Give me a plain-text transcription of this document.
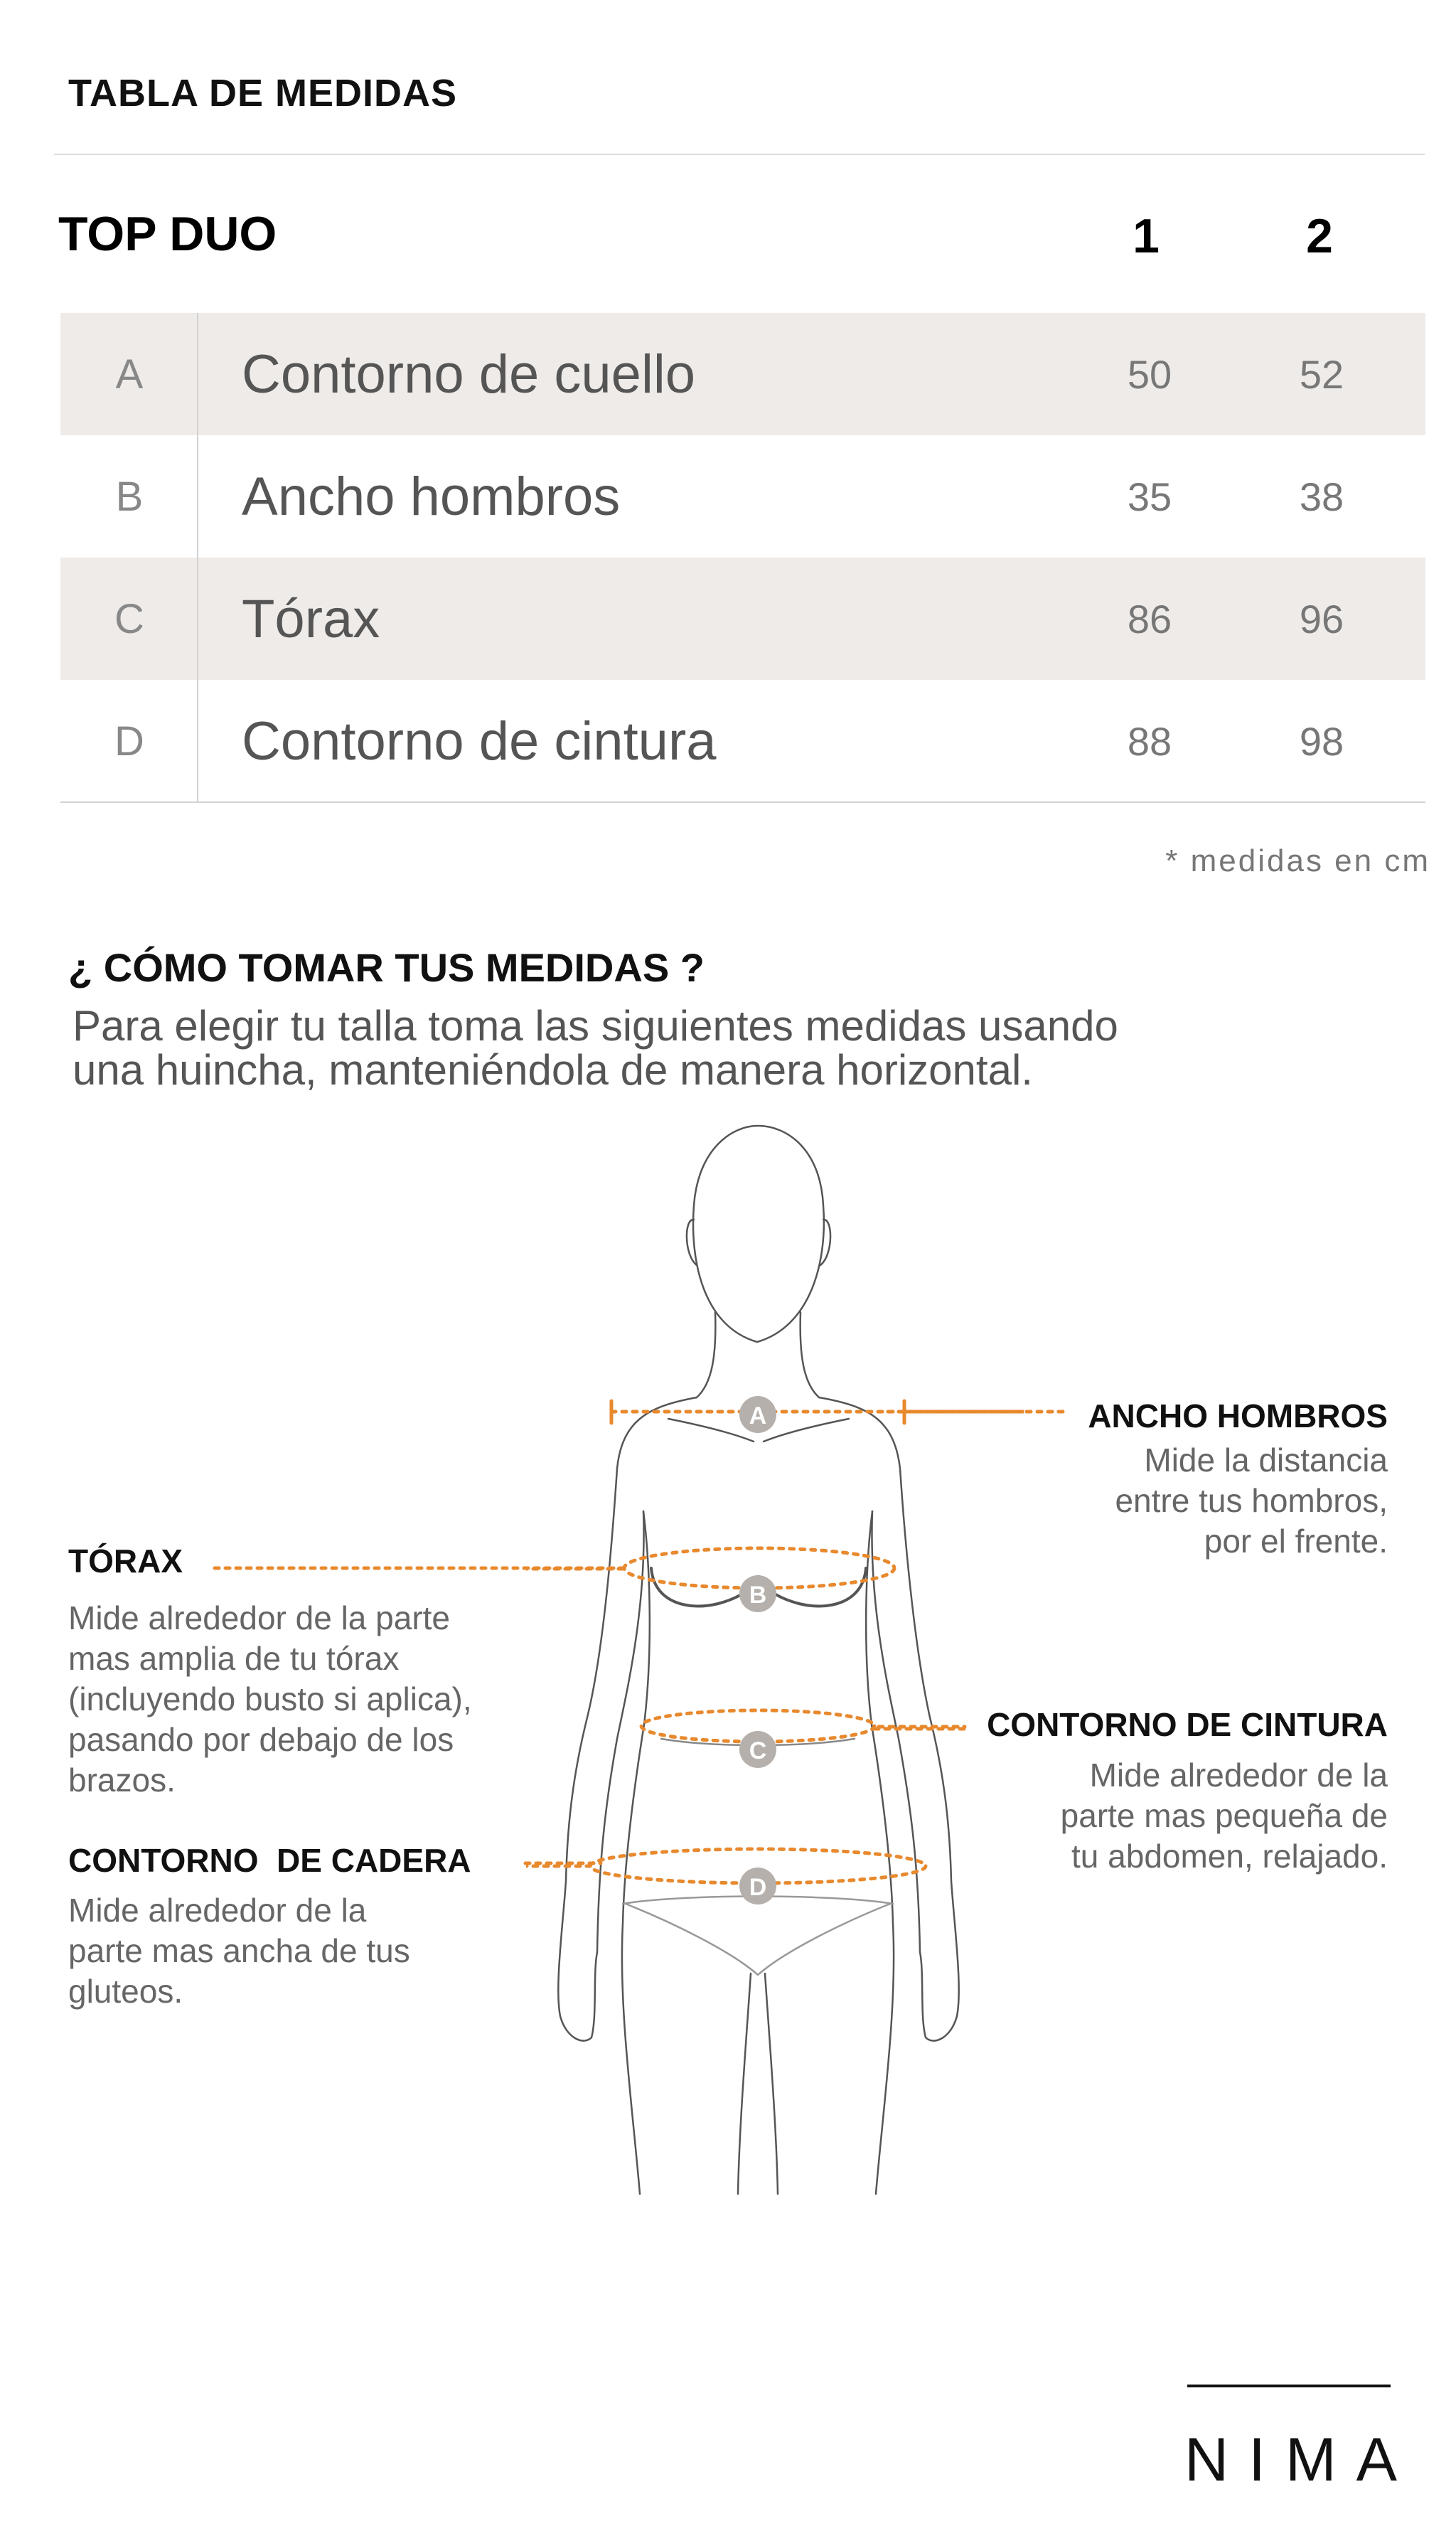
TABLA DE MEDIDAS
TOP DUO	1	2
A	Contorno de cuello	50	52
B	Ancho hombros	35	38
C	Tórax	86	96
D	Contorno de cintura	88	98
* medidas en cm
¿ CÓMO TOMAR TUS MEDIDAS ?
Para elegir tu talla toma las siguientes medidas usando
una huincha, manteniéndola de manera horizontal.
A
B
C
D
ANCHO HOMBROS
Mide la distancia
entre tus hombros,
por el frente.
TÓRAX
Mide alrededor de la parte
mas amplia de tu tórax
(incluyendo busto si aplica),
pasando por debajo de los
brazos.
CONTORNO DE CINTURA
Mide alrededor de la
parte mas pequeña de
tu abdomen, relajado.
CONTORNO  DE CADERA
Mide alrededor de la
parte mas ancha de tus
gluteos.
NIMA
